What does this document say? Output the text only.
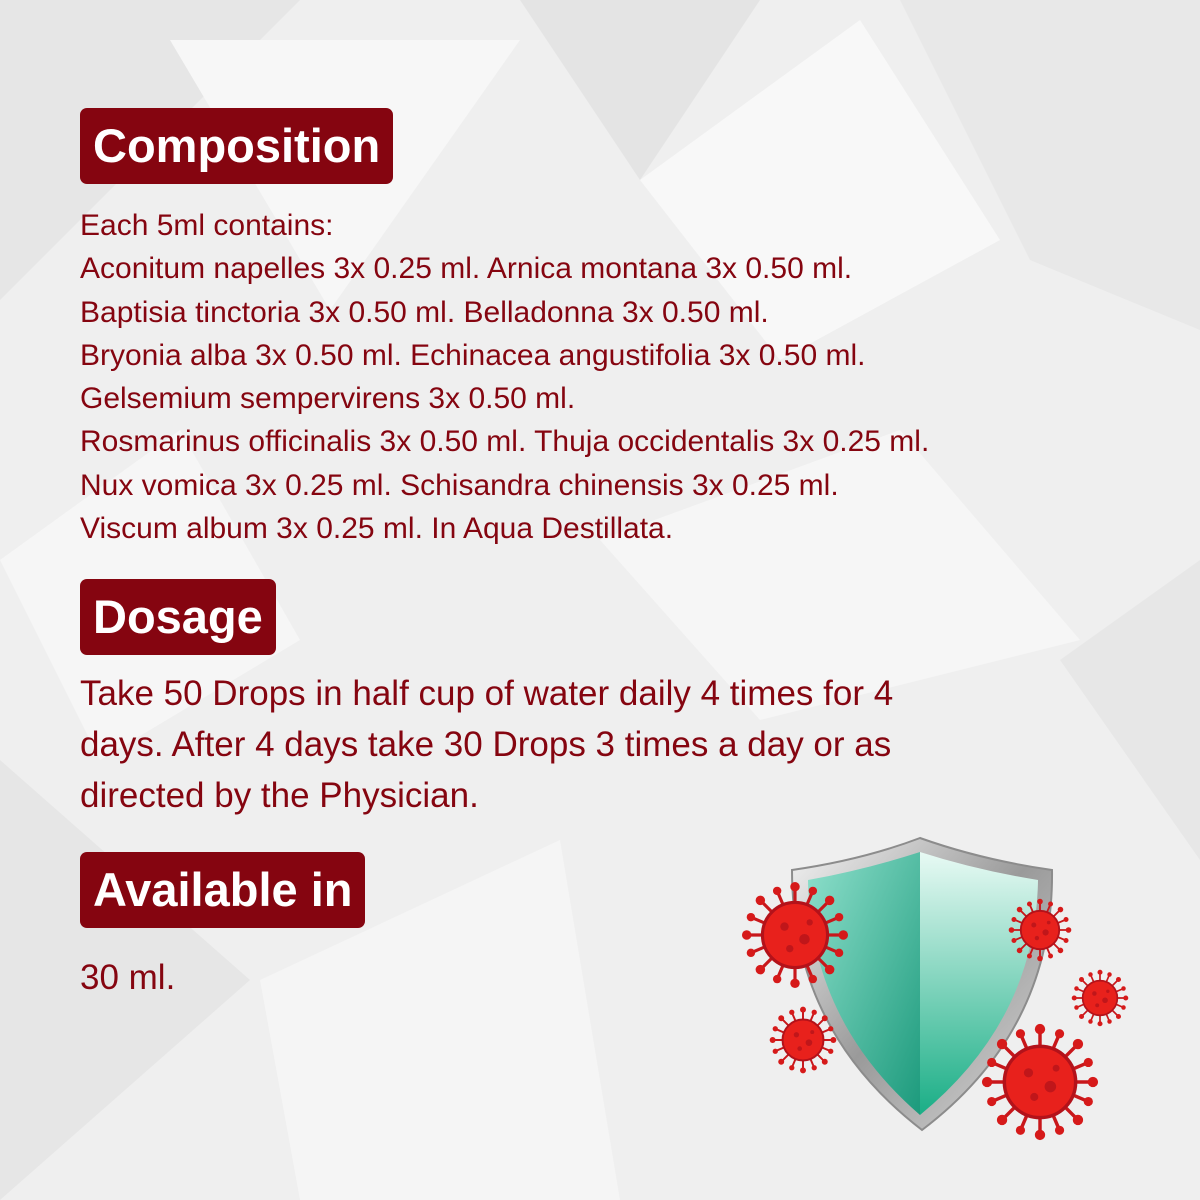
Composition
Each 5ml contains:
Aconitum napelles 3x 0.25 ml. Arnica montana 3x 0.50 ml.
Baptisia tinctoria 3x 0.50 ml. Belladonna 3x 0.50 ml.
Bryonia alba 3x 0.50 ml. Echinacea angustifolia 3x 0.50 ml.
Gelsemium sempervirens 3x 0.50 ml.
Rosmarinus officinalis 3x 0.50 ml. Thuja occidentalis 3x 0.25 ml.
Nux vomica 3x 0.25 ml. Schisandra chinensis 3x 0.25 ml.
Viscum album 3x 0.25 ml. In Aqua Destillata.
Dosage
Take 50 Drops in half cup of water daily 4 times for 4
days. After 4 days take 30 Drops 3 times a day or as
directed by the Physician.
Available in
30 ml.
